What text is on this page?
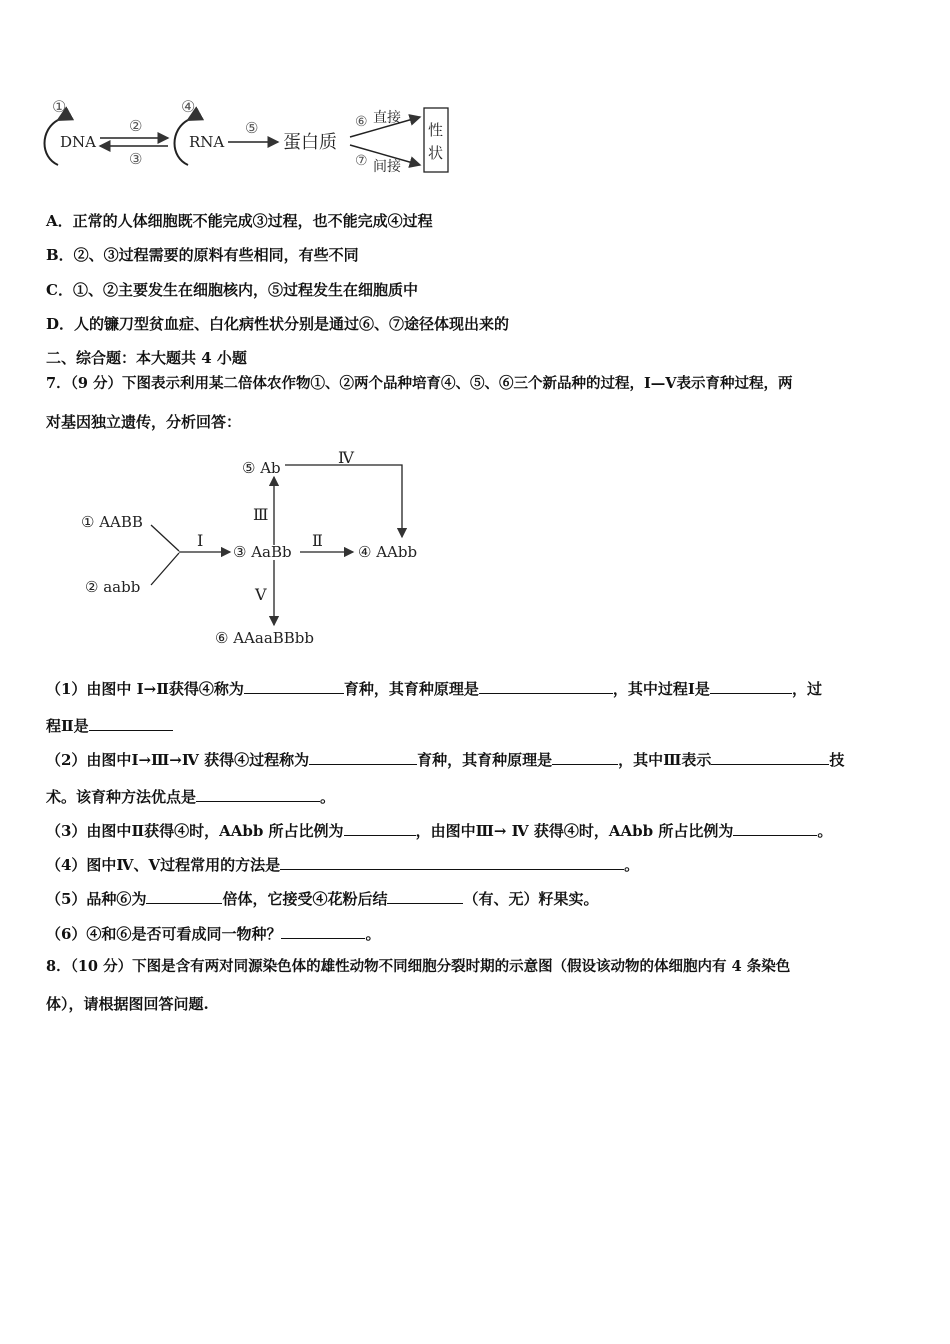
①
DNA
②
③
④
RNA
⑤
蛋白质
⑥ 直接
⑦ 间接
性
状
A．正常的人体细胞既不能完成③过程，也不能完成④过程
B．②、③过程需要的原料有些相同，有些不同
C．①、②主要发生在细胞核内，⑤过程发生在细胞质中
D．人的镰刀型贫血症、白化病性状分别是通过⑥、⑦途径体现出来的
二、综合题：本大题共 4 小题
7．（9 分）下图表示利用某二倍体农作物①、②两个品种培育④、⑤、⑥三个新品种的过程，Ⅰ—Ⅴ表示育种过程，两
对基因独立遗传，分析回答：
⑤ Ab
Ⅳ
Ⅲ
① AABB
② aabb
Ⅰ
③ AaBb
Ⅱ
④ AAbb
Ⅴ
⑥ AAaaBBbb
（1）由图中 Ⅰ→Ⅱ获得④称为	育种，其育种原理是	，其中过程Ⅰ是	，过
程Ⅱ是
（2）由图中Ⅰ→Ⅲ→Ⅳ 获得④过程称为	育种，其育种原理是	，其中Ⅲ表示	技
术。该育种方法优点是	。
（3）由图中Ⅱ获得④时，AAbb 所占比例为	，由图中Ⅲ→ Ⅳ 获得④时，AAbb 所占比例为	。
（4）图中Ⅳ、Ⅴ过程常用的方法是	。
（5）品种⑥为	倍体，它接受④花粉后结	（有、无）籽果实。
（6）④和⑥是否可看成同一物种？	。
8．（10 分）下图是含有两对同源染色体的雄性动物不同细胞分裂时期的示意图（假设该动物的体细胞内有 4 条染色
体），请根据图回答问题.
